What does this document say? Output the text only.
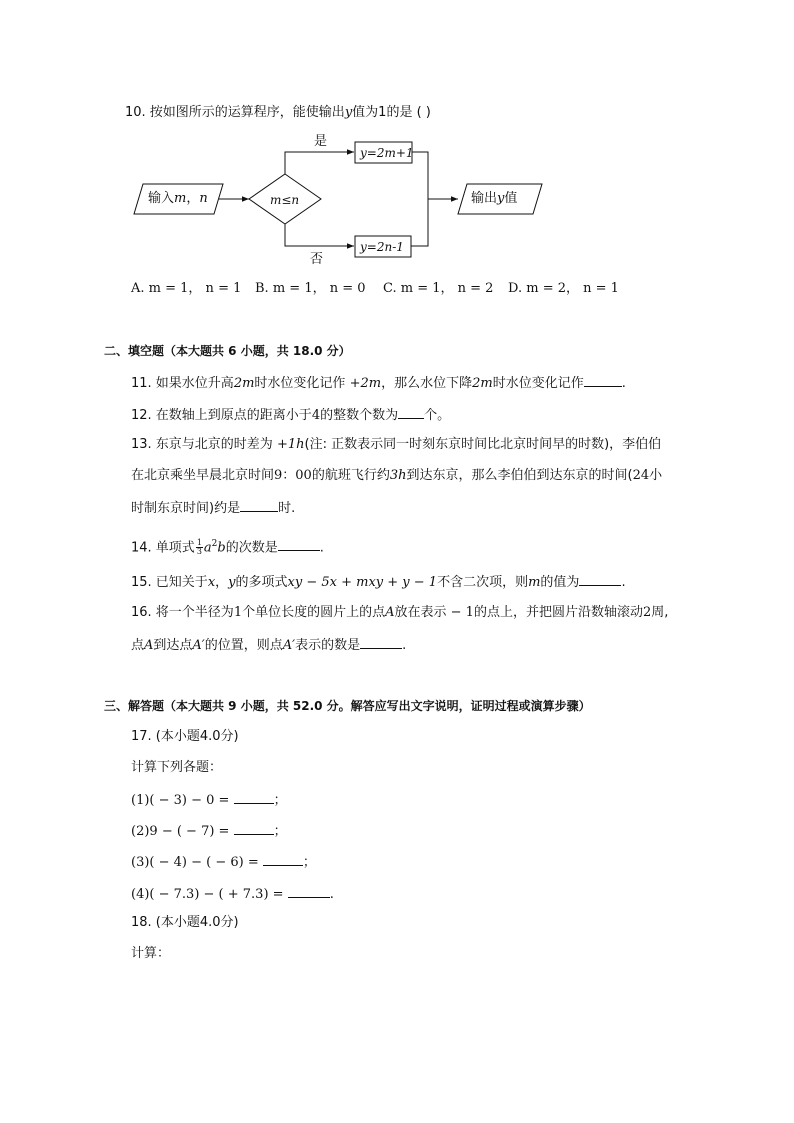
10. 按如图所示的运算程序，能使输出y值为1的是 ( )
输入m，n	m≤n
是
否
y=2m+1
y=2n-1
输出y值
A. m = 1， n = 1 B. m = 1， n = 0 C. m = 1， n = 2 D. m = 2， n = 1
二、填空题（本大题共 6 小题，共 18.0 分）
11. 如果水位升高2m时水位变化记作 +2m，那么水位下降2m时水位变化记作	.
12. 在数轴上到原点的距离小于4的整数个数为 个。
13. 东京与北京的时差为 +1h(注: 正数表示同一时刻东京时间比北京时间早的时数)，李伯伯
在北京乘坐早晨北京时间9：00的航班飞行约3h到达东京，那么李伯伯到达东京的时间(24小
时制东京时间)约是	时.
14. 单项式 $\frac{1}{3} a^2b$的次数是	.
15. 已知关于x，y的多项式xy − 5x + mxy + y − 1不含二次项，则m的值为	.
16. 将一个半径为1个单位长度的圆片上的点A放在表示 − 1的点上，并把圆片沿数轴滚动2周,
点A到达点A′的位置，则点A′表示的数是	.
三、解答题（本大题共 9 小题，共 52.0 分。解答应写出文字说明，证明过程或演算步骤）
17. (本小题4.0分)
计算下列各题：
(1)( − 3) − 0 =	；
(2)9 − ( − 7) =	；
(3)( − 4) − ( − 6) =	；
(4)( − 7.3) − ( + 7.3) =	.
18. (本小题4.0分)
计算：
